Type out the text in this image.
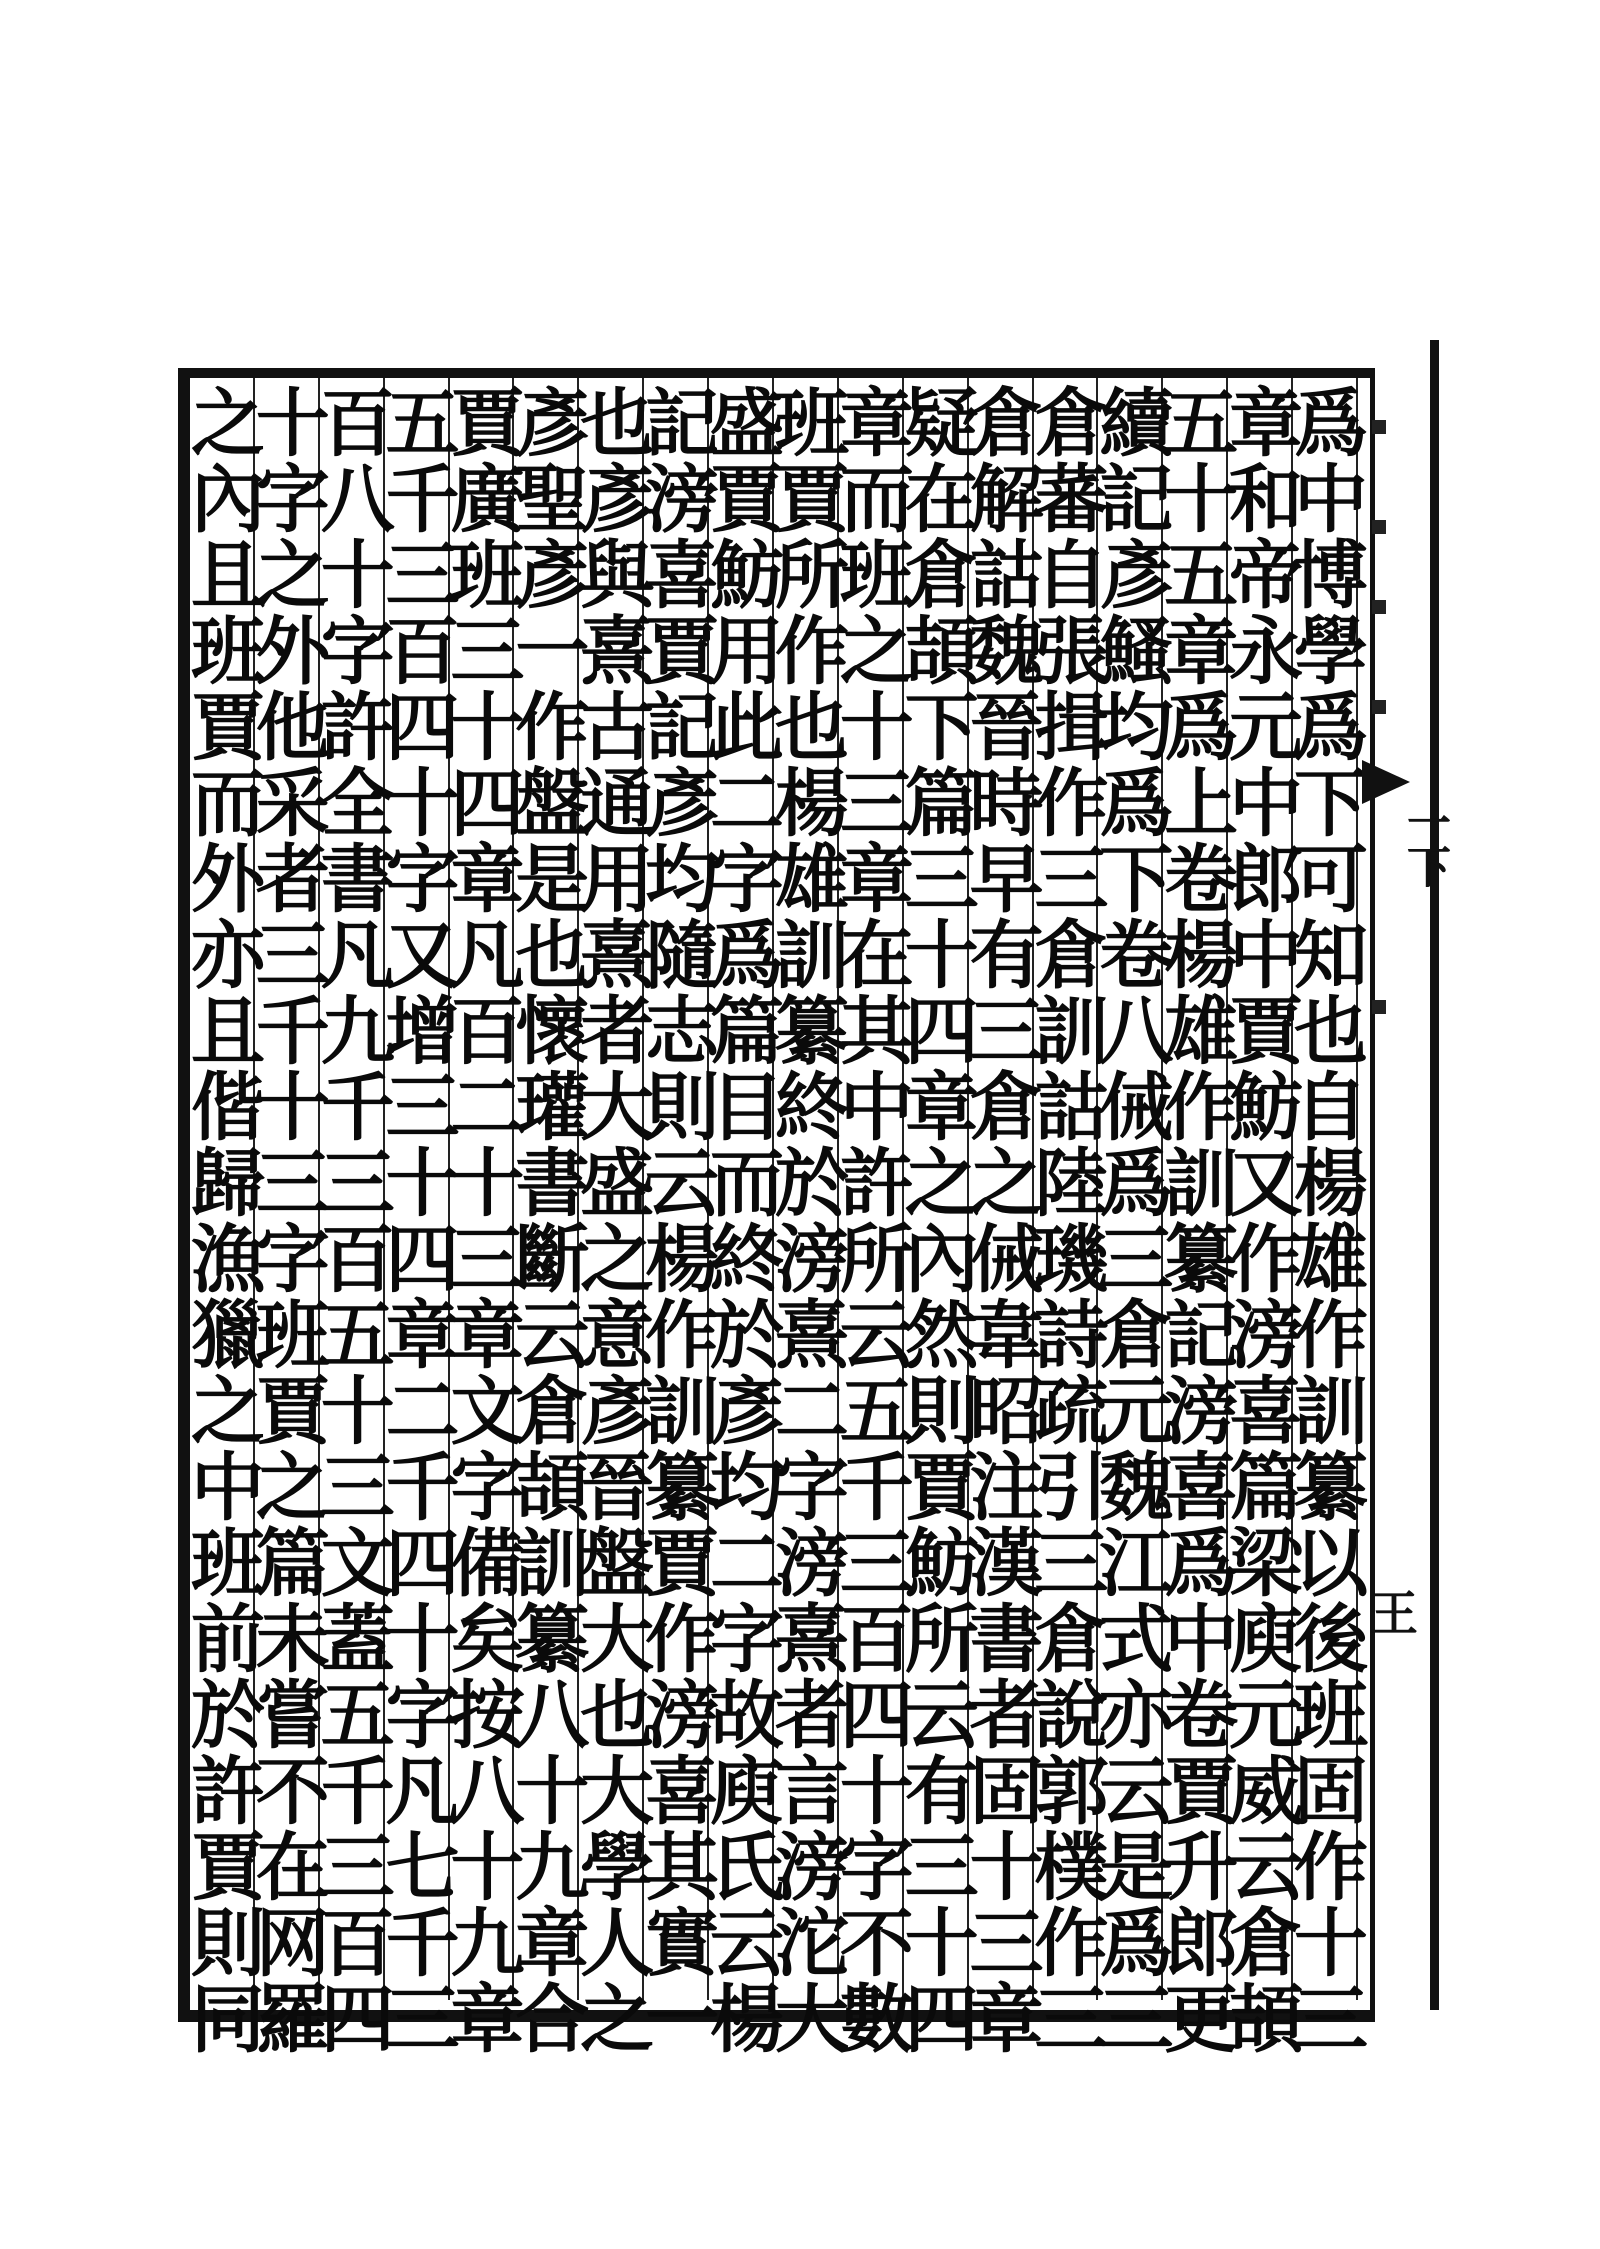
爲中博學爲下可知也自楊雄作訓纂以後班固作十三
章和帝永元中郎中賈魴又作滂喜篇梁庾元威云倉頡
五十五章爲上卷楊雄作訓纂記滂喜爲中卷賈升郎更
續記彥鰠均爲下卷八㑘爲三倉元魏江式亦云是爲三
倉蕃自張揖作三倉訓詁陸璣詩疏引三倉說郭樸作三
倉解詁魏晉時早有三倉之㑘韋昭注漢書者固十三章
疑在倉頡下篇三十四章之內然則賈魴所云有三十四
章而班之十三章在其中許所云五千三百四十字不數
班賈所作也楊雄訓纂終於滂熹二字滂熹者言滂沱大
盛賈魴用此二字爲篇目而終於彥均二字故庾氏云楊
記滂喜賈記彥均隨志則云楊作訓纂賈作滂喜其實一
也彥與熹古通用熹者大盛之意彥晉盤大也大學人之
彥聖彥一作盤是也懷瓘書斷云倉頡訓纂八十九章合
賈廣班三十四章凡百二十三章文字備矣按八十九章
五千三百四十字又增三十四章二千四十字凡七千三
百八十字許全書凡九千三百五十三文蓋五千三百四
十字之外他采者三千十三字班賈之篇未嘗不在网羅
之內且班賈而外亦且偕歸漁獵之中班前於許賈則同	一下
王
